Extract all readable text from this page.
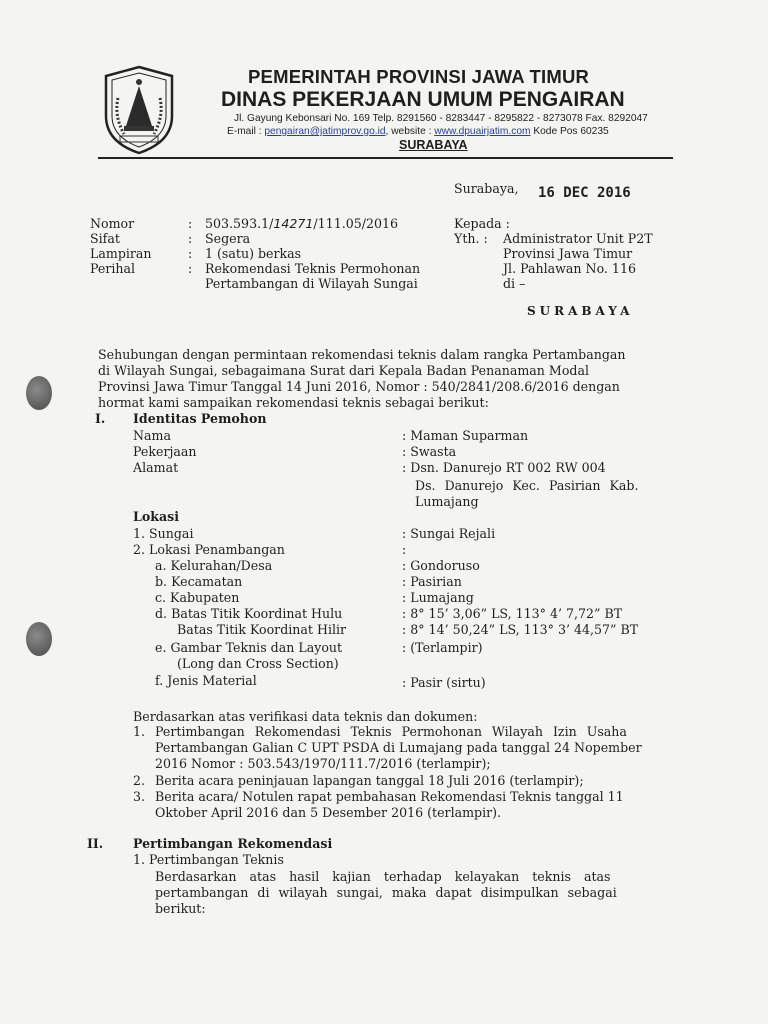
PEMERINTAH PROVINSI JAWA TIMUR
DINAS PEKERJAAN UMUM PENGAIRAN
Jl. Gayung Kebonsari No. 169 Telp. 8291560 - 8283447 - 8295822 - 8273078 Fax. 8292047
E-mail : pengairan@jatimprov.go.id, website : www.dpuairjatim.com Kode Pos 60235
SURABAYA
Surabaya, 16 DEC 2016
Nomor	: 503.593.1/14271/111.05/2016
Sifat	: Segera
Lampiran	: 1 (satu) berkas
Perihal	: Rekomendasi Teknis Permohonan
Pertambangan di Wilayah Sungai
Kepada :
Yth. : Administrator Unit P2T
Provinsi Jawa Timur
Jl. Pahlawan No. 116
di –
SURABAYA
Sehubungan dengan permintaan rekomendasi teknis dalam rangka Pertambangan
di Wilayah Sungai, sebagaimana Surat dari Kepala Badan Penanaman Modal
Provinsi Jawa Timur Tanggal 14 Juni 2016, Nomor : 540/2841/208.6/2016 dengan
hormat kami sampaikan rekomendasi teknis sebagai berikut:
I. Identitas Pemohon
Nama	: Maman Suparman
Pekerjaan	: Swasta
Alamat	: Dsn. Danurejo RT 002 RW 004
Ds. Danurejo Kec. Pasirian Kab.
Lumajang
Lokasi
1. Sungai	: Sungai Rejali
2. Lokasi Penambangan	:
a. Kelurahan/Desa	: Gondoruso
b. Kecamatan	: Pasirian
c. Kabupaten	: Lumajang
d. Batas Titik Koordinat Hulu	: 8° 15’ 3,06” LS, 113° 4’ 7,72” BT
Batas Titik Koordinat Hilir	: 8° 14’ 50,24” LS, 113° 3’ 44,57” BT
e. Gambar Teknis dan Layout	: (Terlampir)
(Long dan Cross Section)
f. Jenis Material	: Pasir (sirtu)
Berdasarkan atas verifikasi data teknis dan dokumen:
1. Pertimbangan Rekomendasi Teknis Permohonan Wilayah Izin Usaha
Pertambangan Galian C UPT PSDA di Lumajang pada tanggal 24 Nopember
2016 Nomor : 503.543/1970/111.7/2016 (terlampir);
2. Berita acara peninjauan lapangan tanggal 18 Juli 2016 (terlampir);
3. Berita acara/ Notulen rapat pembahasan Rekomendasi Teknis tanggal 11
Oktober April 2016 dan 5 Desember 2016 (terlampir).
II. Pertimbangan Rekomendasi
1. Pertimbangan Teknis
Berdasarkan atas hasil kajian terhadap kelayakan teknis atas
pertambangan di wilayah sungai, maka dapat disimpulkan sebagai
berikut:
